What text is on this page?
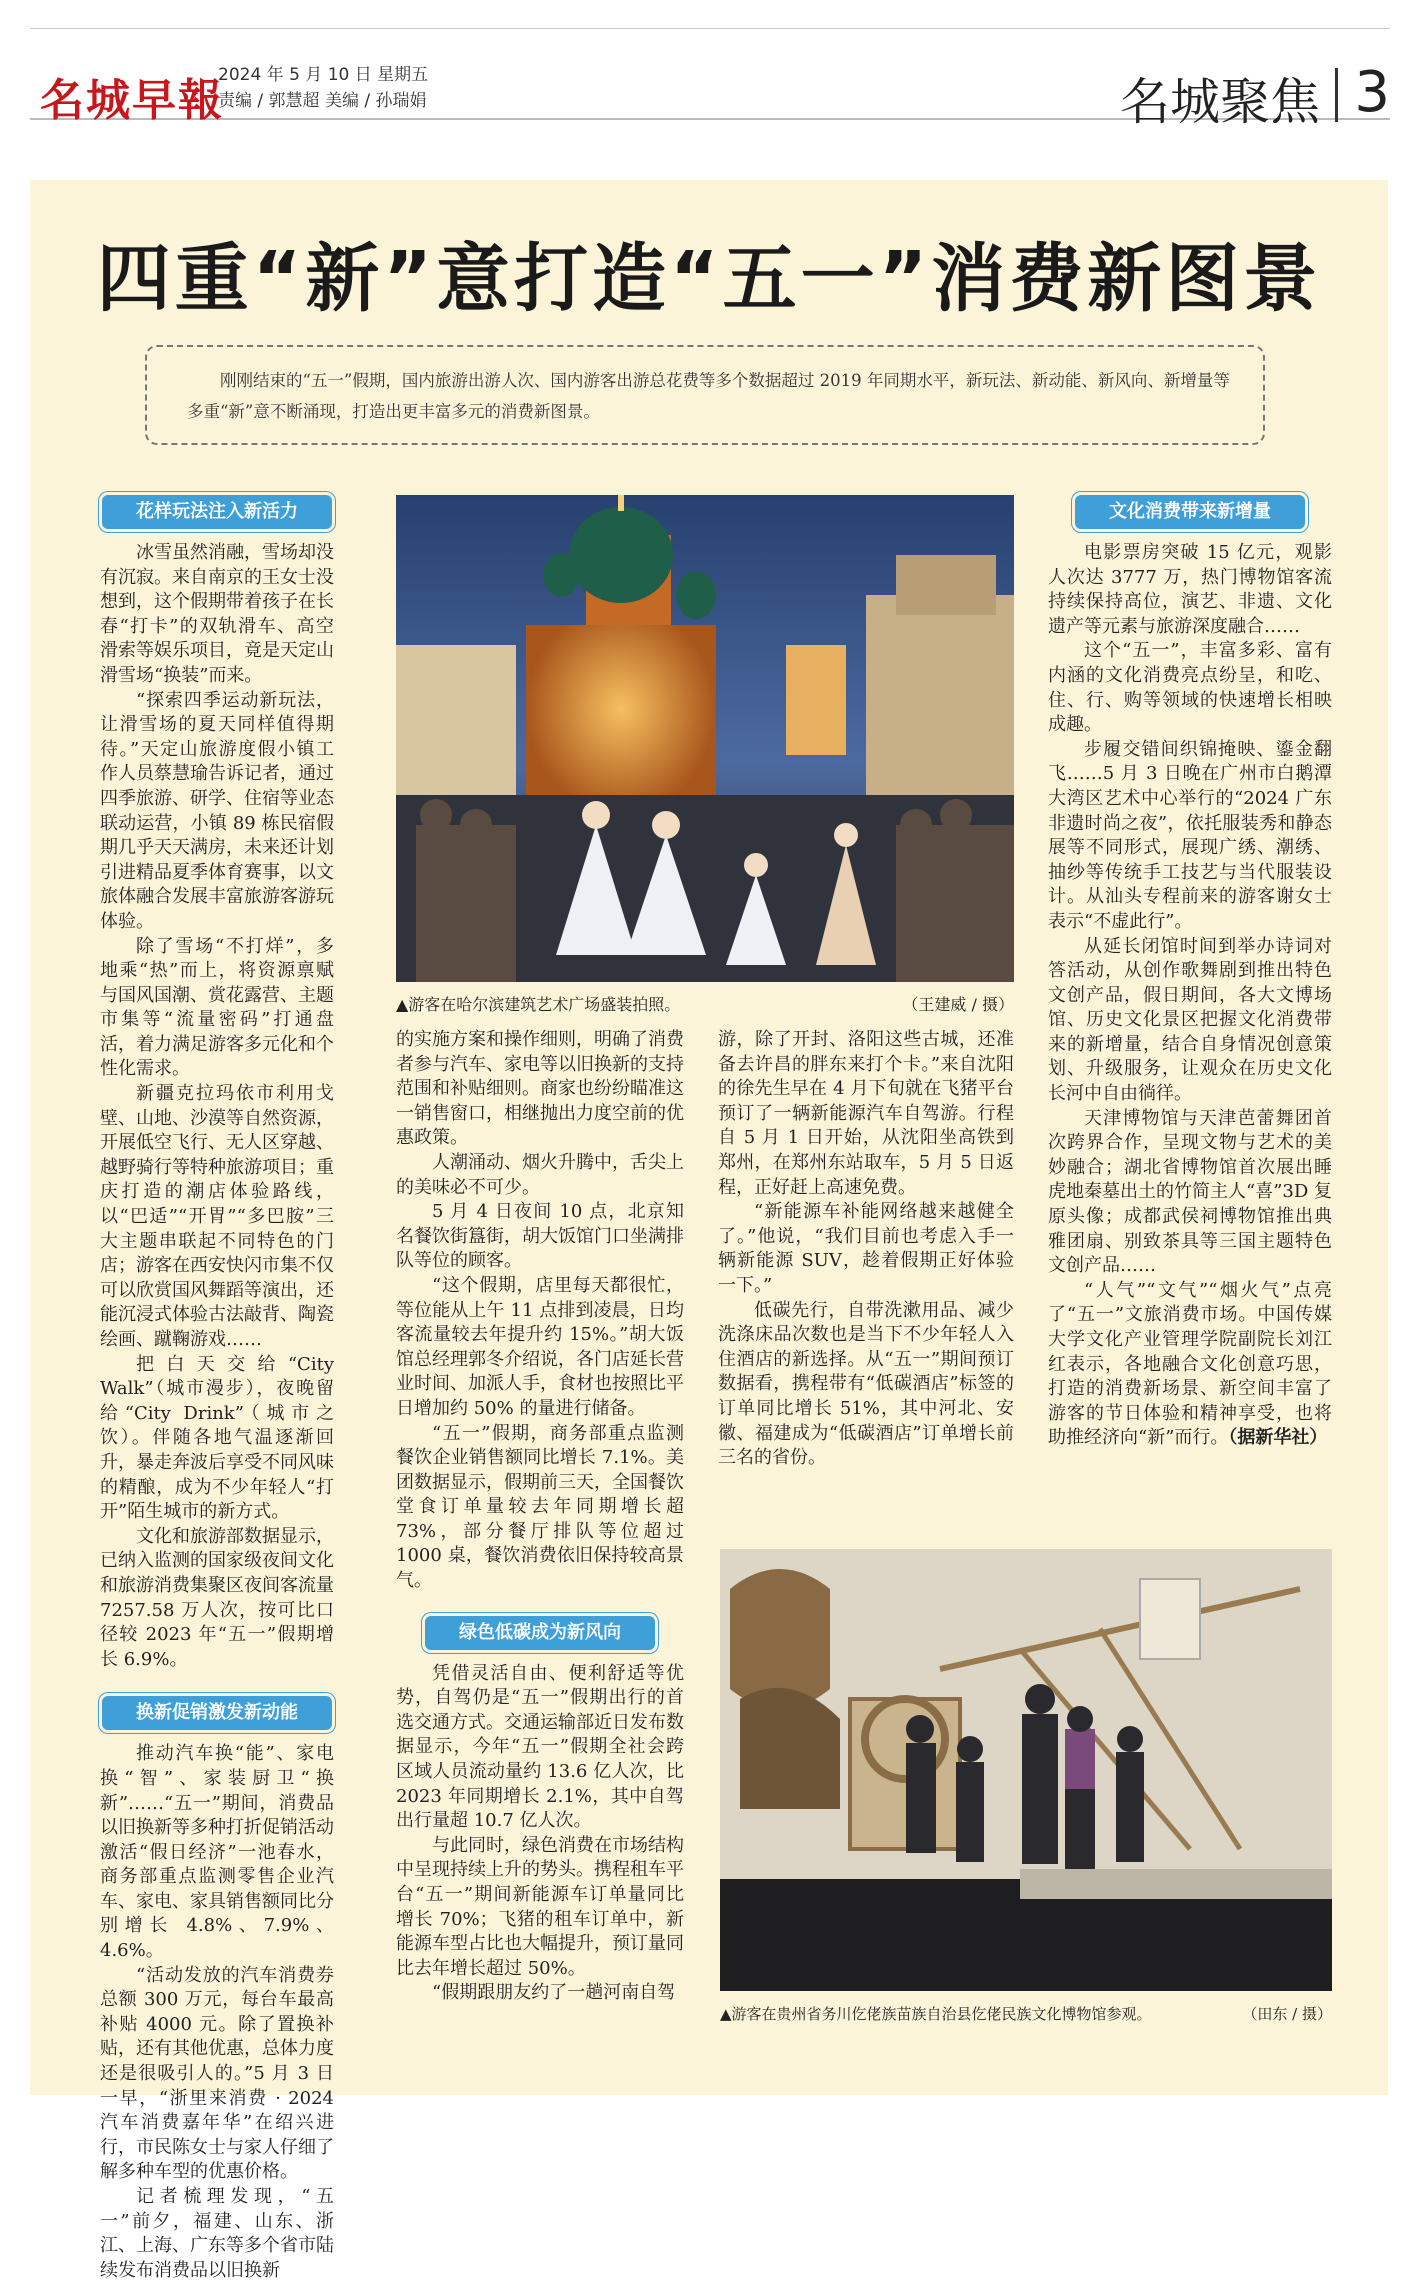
名城早報
2024 年 5 月 10 日 星期五
责编 / 郭慧超 美编 / 孙瑞娟	名城聚焦 3
四重“新”意打造“五一”消费新图景
刚刚结束的“五一”假期，国内旅游出游人次、国内游客出游总花费等多个数据超过 2019 年同期水平，新玩法、新动能、新风向、新增量等多重“新”意不断涌现，打造出更丰富多元的消费新图景。
花样玩法注入新活力

冰雪虽然消融，雪场却没有沉寂。来自南京的王女士没想到，这个假期带着孩子在长春“打卡”的双轨滑车、高空滑索等娱乐项目，竟是天定山滑雪场“换装”而来。

“探索四季运动新玩法，让滑雪场的夏天同样值得期待。”天定山旅游度假小镇工作人员蔡慧瑜告诉记者，通过四季旅游、研学、住宿等业态联动运营，小镇 89 栋民宿假期几乎天天满房，未来还计划引进精品夏季体育赛事，以文旅体融合发展丰富旅游客游玩体验。

除了雪场“不打烊”，多地乘“热”而上，将资源禀赋与国风国潮、赏花露营、主题市集等“流量密码”打通盘活，着力满足游客多元化和个性化需求。

新疆克拉玛依市利用戈壁、山地、沙漠等自然资源，开展低空飞行、无人区穿越、越野骑行等特种旅游项目；重庆打造的潮店体验路线，以“巴适”“开胃”“多巴胺”三大主题串联起不同特色的门店；游客在西安快闪市集不仅可以欣赏国风舞蹈等演出，还能沉浸式体验古法敲背、陶瓷绘画、蹴鞠游戏……

把白天交给“City Walk”（城市漫步），夜晚留给“City Drink”（城市之饮）。伴随各地气温逐渐回升，暴走奔波后享受不同风味的精酿，成为不少年轻人“打开”陌生城市的新方式。

文化和旅游部数据显示，已纳入监测的国家级夜间文化和旅游消费集聚区夜间客流量 7257.58 万人次，按可比口径较 2023 年“五一”假期增长 6.9%。

换新促销激发新动能

推动汽车换“能”、家电换“智”、家装厨卫“换新”……“五一”期间，消费品以旧换新等多种打折促销活动激活“假日经济”一池春水，商务部重点监测零售企业汽车、家电、家具销售额同比分别增长 4.8%、7.9%、4.6%。

“活动发放的汽车消费券总额 300 万元，每台车最高补贴 4000 元。除了置换补贴，还有其他优惠，总体力度还是很吸引人的。”5 月 3 日一早，“浙里来消费 · 2024 汽车消费嘉年华”在绍兴进行，市民陈女士与家人仔细了解多种车型的优惠价格。

记者梳理发现，“五一”前夕，福建、山东、浙江、上海、广东等多个省市陆续发布消费品以旧换新

▲游客在哈尔滨建筑艺术广场盛装拍照。	（王建威 / 摄）

的实施方案和操作细则，明确了消费者参与汽车、家电等以旧换新的支持范围和补贴细则。商家也纷纷瞄准这一销售窗口，相继抛出力度空前的优惠政策。

人潮涌动、烟火升腾中，舌尖上的美味必不可少。

5 月 4 日夜间 10 点，北京知名餐饮街簋街，胡大饭馆门口坐满排队等位的顾客。

“这个假期，店里每天都很忙，等位能从上午 11 点排到凌晨，日均客流量较去年提升约 15%。”胡大饭馆总经理郭冬介绍说，各门店延长营业时间、加派人手，食材也按照比平日增加约 50% 的量进行储备。

“五一”假期，商务部重点监测餐饮企业销售额同比增长 7.1%。美团数据显示，假期前三天，全国餐饮堂食订单量较去年同期增长超 73%，部分餐厅排队等位超过 1000 桌，餐饮消费依旧保持较高景气。

绿色低碳成为新风向

凭借灵活自由、便利舒适等优势，自驾仍是“五一”假期出行的首选交通方式。交通运输部近日发布数据显示，今年“五一”假期全社会跨区域人员流动量约 13.6 亿人次，比 2023 年同期增长 2.1%，其中自驾出行量超 10.7 亿人次。

与此同时，绿色消费在市场结构中呈现持续上升的势头。携程租车平台“五一”期间新能源车订单量同比增长 70%；飞猪的租车订单中，新能源车型占比也大幅提升，预订量同比去年增长超过 50%。

“假期跟朋友约了一趟河南自驾

游，除了开封、洛阳这些古城，还准备去许昌的胖东来打个卡。”来自沈阳的徐先生早在 4 月下旬就在飞猪平台预订了一辆新能源汽车自驾游。行程自 5 月 1 日开始，从沈阳坐高铁到郑州，在郑州东站取车，5 月 5 日返程，正好赶上高速免费。

“新能源车补能网络越来越健全了。”他说，“我们目前也考虑入手一辆新能源 SUV，趁着假期正好体验一下。”

低碳先行，自带洗漱用品、减少洗涤床品次数也是当下不少年轻人入住酒店的新选择。从“五一”期间预订数据看，携程带有“低碳酒店”标签的订单同比增长 51%，其中河北、安徽、福建成为“低碳酒店”订单增长前三名的省份。

文化消费带来新增量

电影票房突破 15 亿元，观影人次达 3777 万，热门博物馆客流持续保持高位，演艺、非遗、文化遗产等元素与旅游深度融合……

这个“五一”，丰富多彩、富有内涵的文化消费亮点纷呈，和吃、住、行、购等领域的快速增长相映成趣。

步履交错间织锦掩映、鎏金翻飞……5 月 3 日晚在广州市白鹅潭大湾区艺术中心举行的“2024 广东非遗时尚之夜”，依托服装秀和静态展等不同形式，展现广绣、潮绣、抽纱等传统手工技艺与当代服装设计。从汕头专程前来的游客谢女士表示“不虚此行”。

从延长闭馆时间到举办诗词对答活动，从创作歌舞剧到推出特色文创产品，假日期间，各大文博场馆、历史文化景区把握文化消费带来的新增量，结合自身情况创意策划、升级服务，让观众在历史文化长河中自由徜徉。

天津博物馆与天津芭蕾舞团首次跨界合作，呈现文物与艺术的美妙融合；湖北省博物馆首次展出睡虎地秦墓出土的竹简主人“喜”3D 复原头像；成都武侯祠博物馆推出典雅团扇、别致茶具等三国主题特色文创产品……

“人气”“文气”“烟火气”点亮了“五一”文旅消费市场。中国传媒大学文化产业管理学院副院长刘江红表示，各地融合文化创意巧思，打造的消费新场景、新空间丰富了游客的节日体验和精神享受，也将助推经济向“新”而行。（据新华社）

▲游客在贵州省务川仡佬族苗族自治县仡佬民族文化博物馆参观。	（田东 / 摄）
